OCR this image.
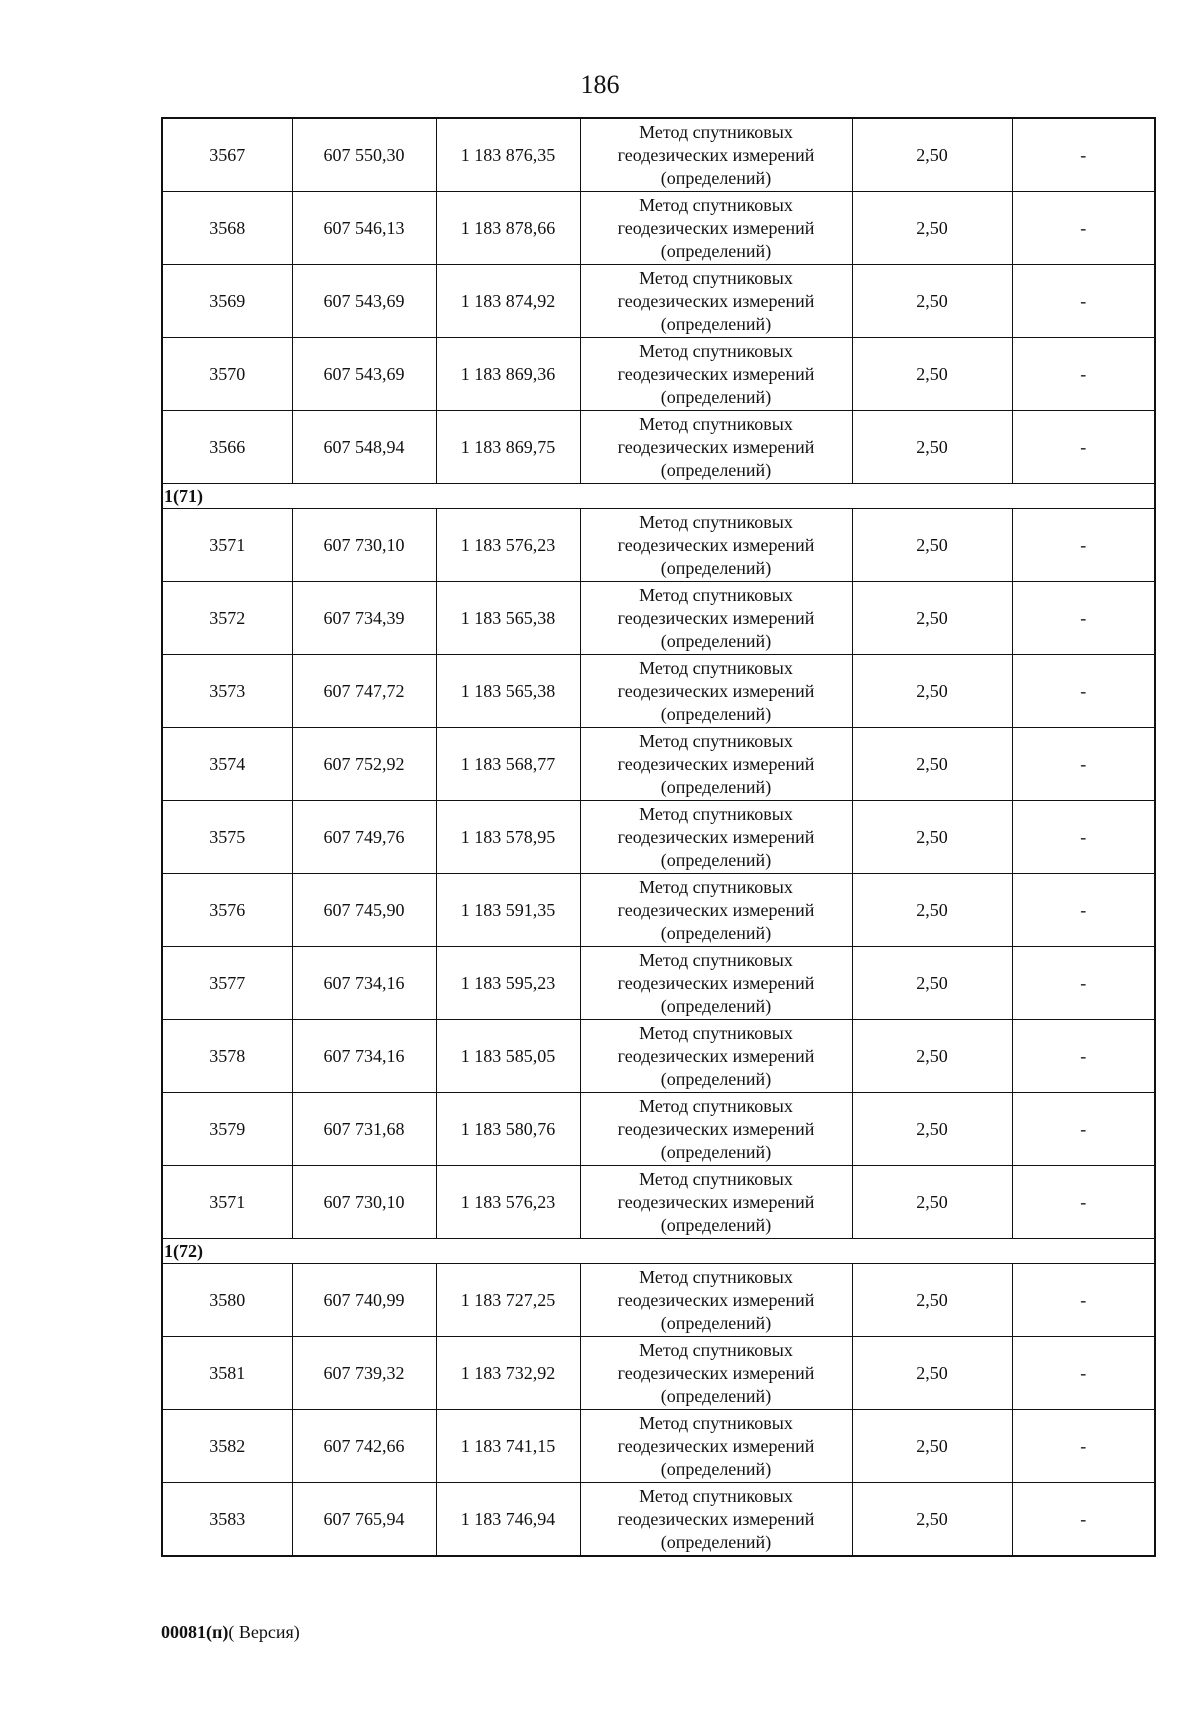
186
3567	607 550,30	1 183 876,35	Метод спутниковых
геодезических измерений
(определений)	2,50	-
3568	607 546,13	1 183 878,66	Метод спутниковых
геодезических измерений
(определений)	2,50	-
3569	607 543,69	1 183 874,92	Метод спутниковых
геодезических измерений
(определений)	2,50	-
3570	607 543,69	1 183 869,36	Метод спутниковых
геодезических измерений
(определений)	2,50	-
3566	607 548,94	1 183 869,75	Метод спутниковых
геодезических измерений
(определений)	2,50	-
1(71)					
3571	607 730,10	1 183 576,23	Метод спутниковых
геодезических измерений
(определений)	2,50	-
3572	607 734,39	1 183 565,38	Метод спутниковых
геодезических измерений
(определений)	2,50	-
3573	607 747,72	1 183 565,38	Метод спутниковых
геодезических измерений
(определений)	2,50	-
3574	607 752,92	1 183 568,77	Метод спутниковых
геодезических измерений
(определений)	2,50	-
3575	607 749,76	1 183 578,95	Метод спутниковых
геодезических измерений
(определений)	2,50	-
3576	607 745,90	1 183 591,35	Метод спутниковых
геодезических измерений
(определений)	2,50	-
3577	607 734,16	1 183 595,23	Метод спутниковых
геодезических измерений
(определений)	2,50	-
3578	607 734,16	1 183 585,05	Метод спутниковых
геодезических измерений
(определений)	2,50	-
3579	607 731,68	1 183 580,76	Метод спутниковых
геодезических измерений
(определений)	2,50	-
3571	607 730,10	1 183 576,23	Метод спутниковых
геодезических измерений
(определений)	2,50	-
1(72)					
3580	607 740,99	1 183 727,25	Метод спутниковых
геодезических измерений
(определений)	2,50	-
3581	607 739,32	1 183 732,92	Метод спутниковых
геодезических измерений
(определений)	2,50	-
3582	607 742,66	1 183 741,15	Метод спутниковых
геодезических измерений
(определений)	2,50	-
3583	607 765,94	1 183 746,94	Метод спутниковых
геодезических измерений
(определений)	2,50	-
00081(п)( Версия)
